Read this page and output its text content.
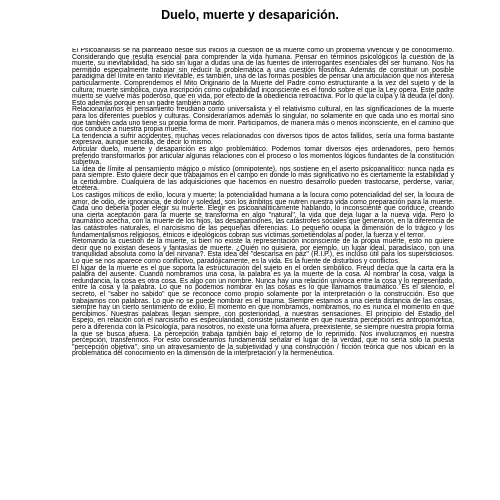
Duelo, muerte y desaparición.

El Psicoanálisis se ha planteado desde sus inicios la cuestión de la muerte como un problema vivencial y de conocimiento. Considerando que resulta esencial para comprender la vida humana. Pensar en términos psicológicos la cuestión de la muerte, su inevitabilidad, ha sido sin lugar a dudas una de las fuentes de interrogantes esenciales del ser humano. Nos ha permitido especialmente trabajar sin reducir la problemática a una cuestión filosófica. Además de constituir un posible paradigma del límite en tanto inevitable, es también, una de las formas posibles de pensar una articulación que nos interesa particularmente. Comprendemos el Mito Originario de la Muerte del Padre como estructurante a la vez del sujeto y de la cultura; muerte simbólica, cuya inscripción como culpabilidad inconsciente es el fondo sobre el que la Ley opera. Este padre muerto se vuelve más poderoso, que en vida, por efecto de la obediencia retroactiva. Por lo que la culpa y la deuda (el don). Esto además porque en un padre también amado.

Relacionaríamos el pensamiento freudiano como universalista y el relativismo cultural, en las significaciones de la muerte para los diferentes pueblos y culturas. Consideraríamos además lo singular, no solamente en que cada uno es mortal sino que también cada uno tiene su propia forma de morir. Participamos, de manera más o menos inconsciente, en el camino que nos conduce a nuestra propia muerte.

La tendencia a sufrir accidentes, muchas veces relacionados con diversos tipos de actos fallidos, sería una forma bastante expresiva, aunque sencilla, de decir lo mismo.

Articular duelo, muerte y desaparición es algo problemático. Podemos tomar diversos ejes ordenadores, pero hemos preferido transformarlos por articular algunas relaciones con el proceso o los momentos lógicos fundantes de la constitución subjetiva.

La idea de límite al pensamiento mágico o místico (omnipotente), nos sostiene en el aserto psicoanalítico: nunca nada es para siempre. Esto quiere decir que trabajamos en el campo en donde lo más significativo no es ciertamente la estabilidad y la certidumbre. Cualquiera de las adquisiciones que hacemos en nuestro desarrollo pueden trastocarse, perderse, variar, etcétera.

Los castigos míticos de exilio, locura y muerte; la potencialidad humana a la locura como potencialidad del ser, la locura de amor, de odio, de ignorancia, de dolor y soledad, son los ámbitos que nutren nuestra vida como preparación para la muerte. Cada uno debería poder elegir su muerte. Elegir es psicoanalíticamente hablando, lo inconsciente que conduce, creando una cierta aceptación para la muerte se transforma en algo "natural", la vida que deja lugar a la nueva vida. Pero lo traumático acecha, con la muerte de los hijos, las desapariciones, las catástrofes sociales que generaron, en la diferencia de las catástrofes naturales, el narcisismo de las pequeñas diferencias. Lo pequeño ocupa la dimensión de lo trágico y los fundamentalismos religiosos, étnicos e ideológicos cobran sus víctimas sometiéndolas al poder, la fuerza y el terror.

Retomando la cuestión de la muerte, si bien no existe la representación inconsciente de la propia muerte, esto no quiere decir que no existan deseos y fantasías de muerte. ¿Quién no quisiera, por ejemplo, un lugar ideal, paradisíaco, con una tranquilidad absoluta como la del nirvana?. Esta idea del "descansa en paz" (R.I.P.), es incluso útil para los supersticiosos. Lo que se nos aparece como conflictivo, paradójicamente, es la vida. Es la fuente de disturbios y conflictos.

El lugar de la muerte es el que soporta la estructuración del sujeto en el orden simbólico. Freud decía que la carta era la palabra del ausente. Cuando nombramos una cosa, la palabra es ya la muerte de la cosa. Al nombrar la cosa, valga la redundancia, la cosa es otra cosa. Es algo con un nombre. Nunca hay una relación unívoca entre la cosa y lo representado, entre la cosa y la palabra. Lo que no podemos nombrar en las cosas es lo que llamamos traumático. Es el silencio, el secreto, el "saber no sabido" que se reconoce como propio solamente por la interpretación o la construcción. Eso que trabajamos con palabras. Lo que no se puede nombrar es el trauma. Siempre estamos a una cierta distancia de las cosas, siempre hay un cierto sentimiento de exilio. El momento en que nombramos, nombramos, no es nunca el momento en que percibimos. Nuestras palabras llegan siempre, con posterioridad, a nuestras sensaciones. El principio del Estadio del Espejo, en relación con el narcisismo es especularidad, consiste justamente en que nuestra percepción es antropomórfica, pero a diferencia con la Psicología, para nosotros, no existe una forma afuera, preexistente, se siempre nuestra propia forma la que se busca afuera. La percepción trabaja también bajo el retorno de lo reprimido. Nos involucramos en nuestra percepción, transferimos. Por esto consideramos fundamental señalar el lugar de la verdad, que no sería sólo la puesta "percepción objetiva", sino un atravesamiento de la subjetividad y una construcción / ficción teórica que nos ubican en la problemática del conocimiento en la dimensión de la interpretación y la hermenéutica.
